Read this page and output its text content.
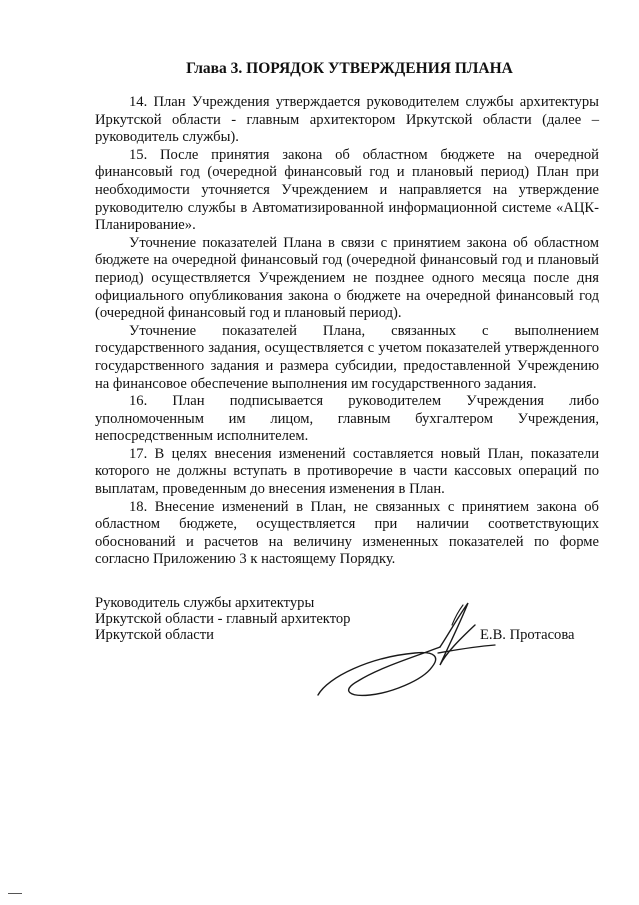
Глава 3. ПОРЯДОК УТВЕРЖДЕНИЯ ПЛАНА

14. План Учреждения утверждается руководителем службы архитектуры Иркутской области - главным архитектором Иркутской области (далее – руководитель службы).

15. После принятия закона об областном бюджете на очередной финансовый год (очередной финансовый год и плановый период) План при необходимости уточняется Учреждением и направляется на утверждение руководителю службы в Автоматизированной информационной системе «АЦК-Планирование».

Уточнение показателей Плана в связи с принятием закона об областном бюджете на очередной финансовый год (очередной финансовый год и плановый период) осуществляется Учреждением не позднее одного месяца после дня официального опубликования закона о бюджете на очередной финансовый год (очередной финансовый год и плановый период).

Уточнение показателей Плана, связанных с выполнением государственного задания, осуществляется с учетом показателей утвержденного государственного задания и размера субсидии, предоставленной Учреждению на финансовое обеспечение выполнения им государственного задания.

16. План подписывается руководителем Учреждения либо уполномоченным им лицом, главным бухгалтером Учреждения, непосредственным исполнителем.

17. В целях внесения изменений составляется новый План, показатели которого не должны вступать в противоречие в части кассовых операций по выплатам, проведенным до внесения изменения в План.

18. Внесение изменений в План, не связанных с принятием закона об областном бюджете, осуществляется при наличии соответствующих обоснований и расчетов на величину измененных показателей по форме согласно Приложению 3 к настоящему Порядку.

Руководитель службы архитектуры
Иркутской области - главный архитектор
Иркутской области	Е.В. Протасова
